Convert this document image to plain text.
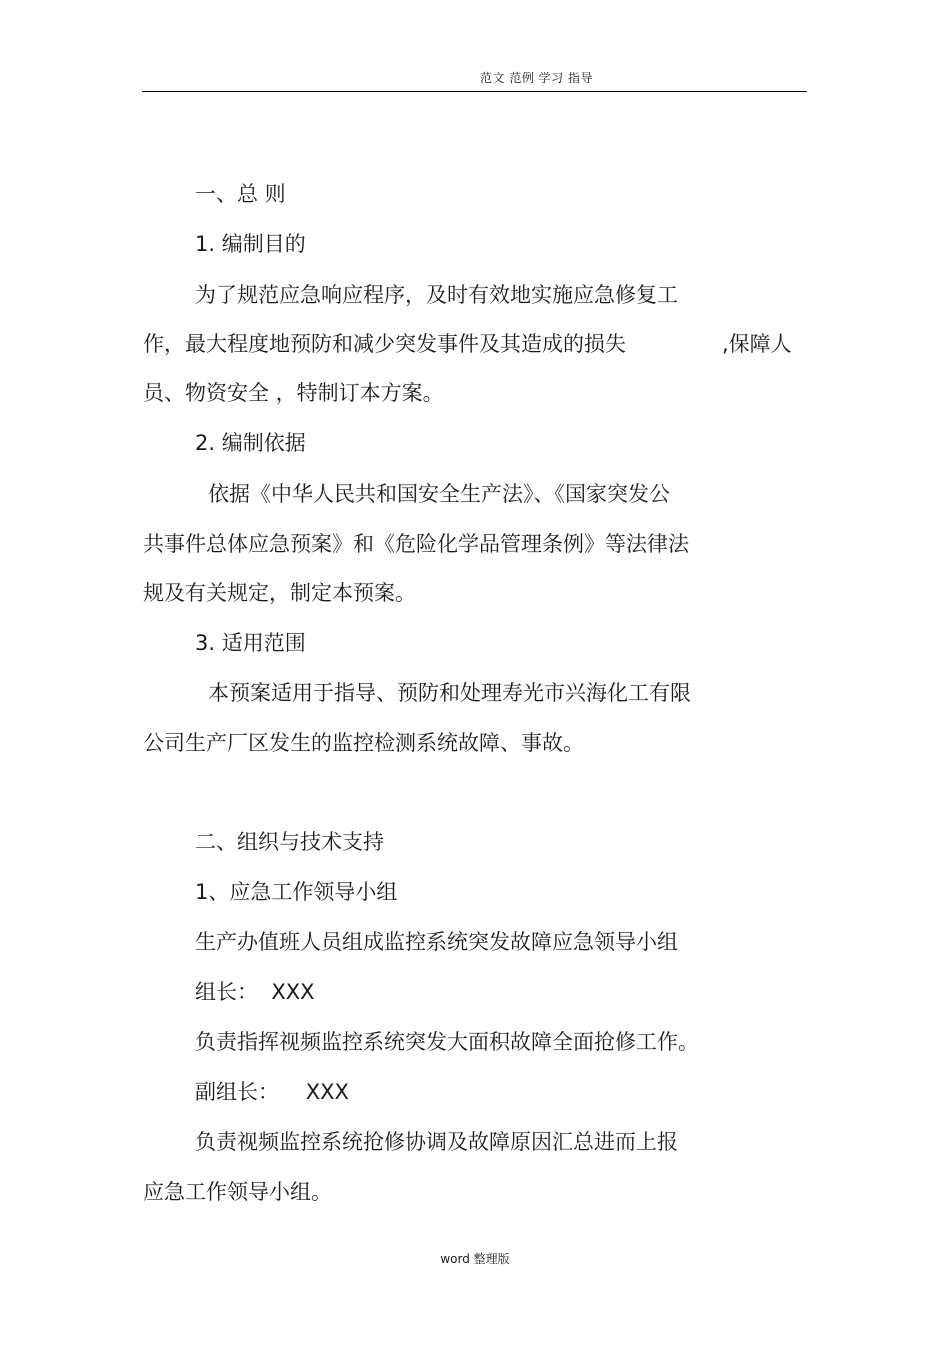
范文 范例 学习 指导
一、总 则
1. 编制目的
为了规范应急响应程序，及时有效地实施应急修复工
作，最大程度地预防和减少突发事件及其造成的损失	,保障人
员、物资安全 ，特制订本方案。
2. 编制依据
依据《中华人民共和国安全生产法》、《国家突发公
共事件总体应急预案》和《危险化学品管理条例》等法律法
规及有关规定，制定本预案。
3. 适用范围
本预案适用于指导、预防和处理寿光市兴海化工有限
公司生产厂区发生的监控检测系统故障、事故。
二、组织与技术支持
1、应急工作领导小组
生产办值班人员组成监控系统突发故障应急领导小组
组长：  XXX
负责指挥视频监控系统突发大面积故障全面抢修工作。
副组长：    XXX
负责视频监控系统抢修协调及故障原因汇总进而上报
应急工作领导小组。
word 整理版
